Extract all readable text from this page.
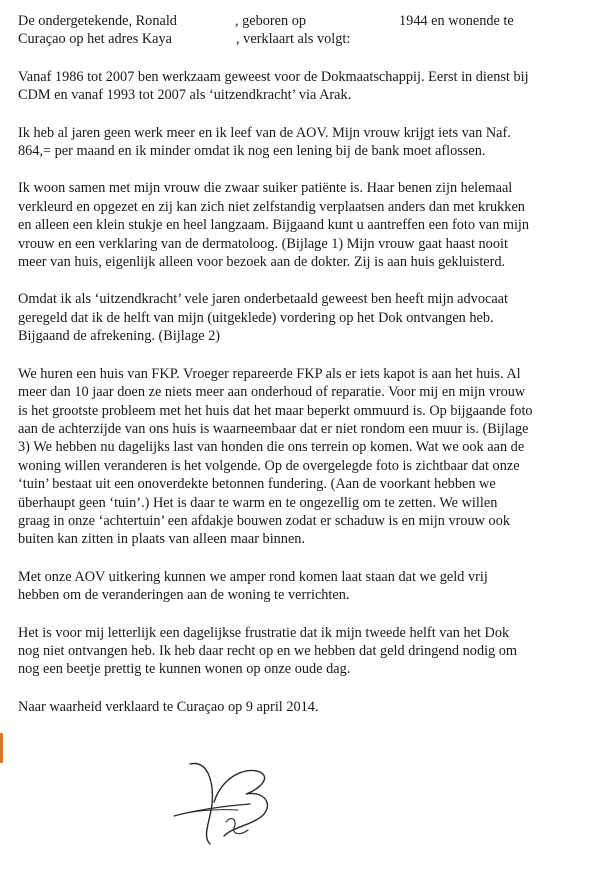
De ondergetekende, Ronald	, geboren op	1944 en wonende te
Curaçao op het adres Kaya	, verklaart als volgt:

Vanaf 1986 tot 2007 ben werkzaam geweest voor de Dokmaatschappij. Eerst in dienst bij
CDM en vanaf 1993 tot 2007 als ‘uitzendkracht’ via Arak.

Ik heb al jaren geen werk meer en ik leef van de AOV. Mijn vrouw krijgt iets van Naf.
864,= per maand en ik minder omdat ik nog een lening bij de bank moet aflossen.

Ik woon samen met mijn vrouw die zwaar suiker patiënte is. Haar benen zijn helemaal
verkleurd en opgezet en zij kan zich niet zelfstandig verplaatsen anders dan met krukken
en alleen een klein stukje en heel langzaam. Bijgaand kunt u aantreffen een foto van mijn
vrouw en een verklaring van de dermatoloog. (Bijlage 1) Mijn vrouw gaat haast nooit
meer van huis, eigenlijk alleen voor bezoek aan de dokter. Zij is aan huis gekluisterd.

Omdat ik als ‘uitzendkracht’ vele jaren onderbetaald geweest ben heeft mijn advocaat
geregeld dat ik de helft van mijn (uitgeklede) vordering op het Dok ontvangen heb.
Bijgaand de afrekening. (Bijlage 2)

We huren een huis van FKP. Vroeger repareerde FKP als er iets kapot is aan het huis. Al
meer dan 10 jaar doen ze niets meer aan onderhoud of reparatie. Voor mij en mijn vrouw
is het grootste probleem met het huis dat het maar beperkt ommuurd is. Op bijgaande foto
aan de achterzijde van ons huis is waarneembaar dat er niet rondom een muur is. (Bijlage
3) We hebben nu dagelijks last van honden die ons terrein op komen. Wat we ook aan de
woning willen veranderen is het volgende. Op de overgelegde foto is zichtbaar dat onze
‘tuin’ bestaat uit een onoverdekte betonnen fundering. (Aan de voorkant hebben we
überhaupt geen ‘tuin’.) Het is daar te warm en te ongezellig om te zetten. We willen
graag in onze ‘achtertuin’ een afdakje bouwen zodat er schaduw is en mijn vrouw ook
buiten kan zitten in plaats van alleen maar binnen.

Met onze AOV uitkering kunnen we amper rond komen laat staan dat we geld vrij
hebben om de veranderingen aan de woning te verrichten.

Het is voor mij letterlijk een dagelijkse frustratie dat ik mijn tweede helft van het Dok
nog niet ontvangen heb. Ik heb daar recht op en we hebben dat geld dringend nodig om
nog een beetje prettig te kunnen wonen op onze oude dag.

Naar waarheid verklaard te Curaçao op 9 april 2014.
